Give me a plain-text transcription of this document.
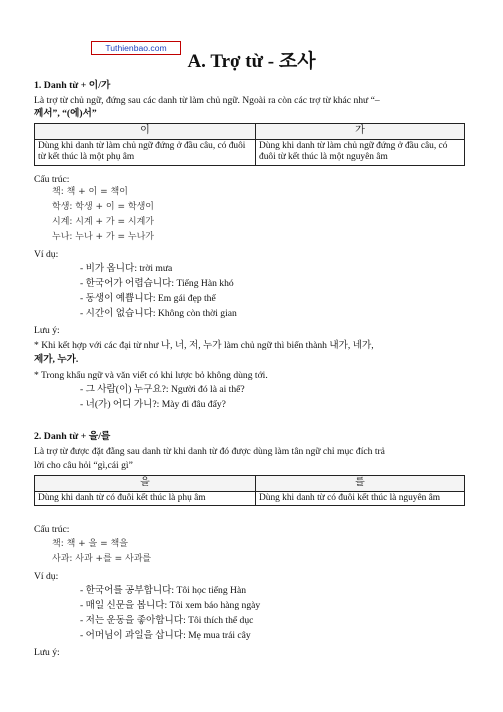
Tuthienbao.com
A. Trợ từ - 조사
1. Danh từ + 이/가
Là trợ từ chủ ngữ, đứng sau các danh từ làm chủ ngữ. Ngoài ra còn các trợ từ khác như “–
께서”, “(에)서”
이	가
Dùng khi danh từ làm chủ ngữ đứng ở đầu câu, có đuôi từ kết thúc là một phụ âm	Dùng khi danh từ làm chủ ngữ đứng ở đầu câu, có đuôi từ kết thúc là một nguyên âm
Cấu trúc:
책: 책 + 이 = 책이
학생: 학생 + 이 = 학생이
시계: 시계 + 가 = 시계가
누나: 누나 + 가 = 누나가
Ví dụ:
- 비가 옵니다: trời mưa
- 한국어가 어렵습니다: Tiếng Hàn khó
- 동생이 예쁩니다: Em gái đẹp thế
- 시간이 없습니다: Không còn thời gian
Lưu ý:
* Khi kết hợp với các đại từ như 나, 너, 저, 누가 làm chủ ngữ thì biến thành 내가, 네가,
제가, 누가.
* Trong khẩu ngữ và văn viết có khi lược bỏ không dùng tới.
- 그 사람(이) 누구요?: Người đó là ai thế?
- 너(가) 어디 가니?: Mày đi đâu đấy?
2. Danh từ + 을/를
Là trợ từ được đặt đằng sau danh từ khi danh từ đó được dùng làm tân ngữ chỉ mục đích trả
lời cho câu hỏi “gì,cái gì”
을	를
Dùng khi danh từ có đuôi kết thúc là phụ âm	Dùng khi danh từ có đuôi kết thúc là nguyên âm
Cấu trúc:
책: 책 + 을 = 책을
사과: 사과 +를 = 사과를
Ví dụ:
- 한국어를 공부합니다: Tôi học tiếng Hàn
- 매일 신문을 봅니다: Tôi xem báo hàng ngày
- 저는 운동을 좋아합니다: Tôi thích thể dục
- 어머님이 과일을 삽니다: Mẹ mua trái cây
Lưu ý:
